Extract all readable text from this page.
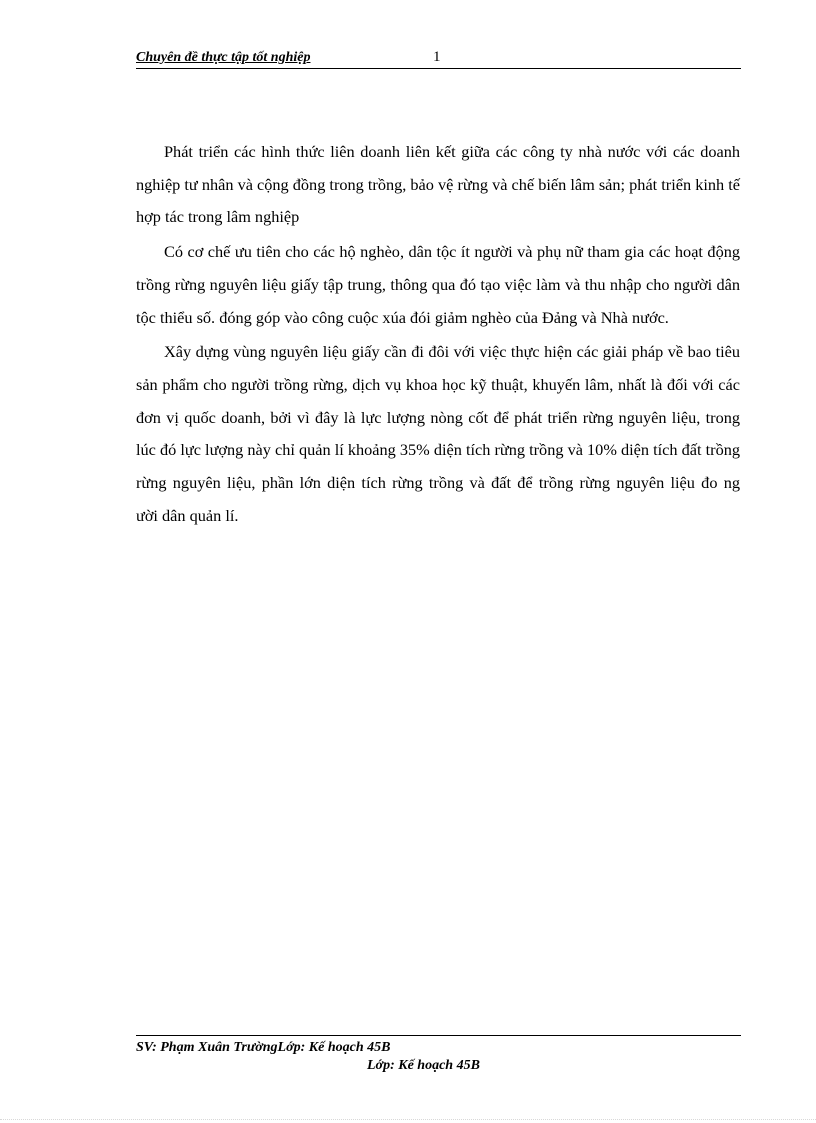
Chuyên đề thực tập tốt nghiệp	1

Phát triển các hình thức liên doanh liên kết giữa các công ty nhà nước với các doanh nghiệp tư nhân và cộng đồng trong trồng, bảo vệ rừng và chế biến lâm sản; phát triển kinh tế hợp tác trong lâm nghiệp

Có cơ chế ưu tiên cho các hộ nghèo, dân tộc ít người và phụ nữ tham gia các hoạt động trồng rừng nguyên liệu giấy tập trung, thông qua đó tạo việc làm và thu nhập cho người dân tộc thiểu số. đóng góp vào công cuộc xúa đói giảm nghèo của Đảng và Nhà nước.

Xây dựng vùng nguyên liệu giấy cần đi đôi với việc thực hiện các giải pháp về bao tiêu sản phẩm cho người trồng rừng, dịch vụ khoa học kỹ thuật, khuyến lâm, nhất là đối với các đơn vị quốc doanh, bởi vì đây là lực lượng nòng cốt để phát triển rừng nguyên liệu, trong lúc đó lực lượng này chỉ quản lí khoảng 35% diện tích rừng trồng và 10% diện tích đất trồng rừng nguyên liệu, phần lớn diện tích rừng trồng và đất để trồng rừng nguyên liệu đo ng    ười dân quản lí.

SV: Phạm Xuân TrườngLớp: Kế hoạch 45B
Lớp: Kế hoạch 45B
